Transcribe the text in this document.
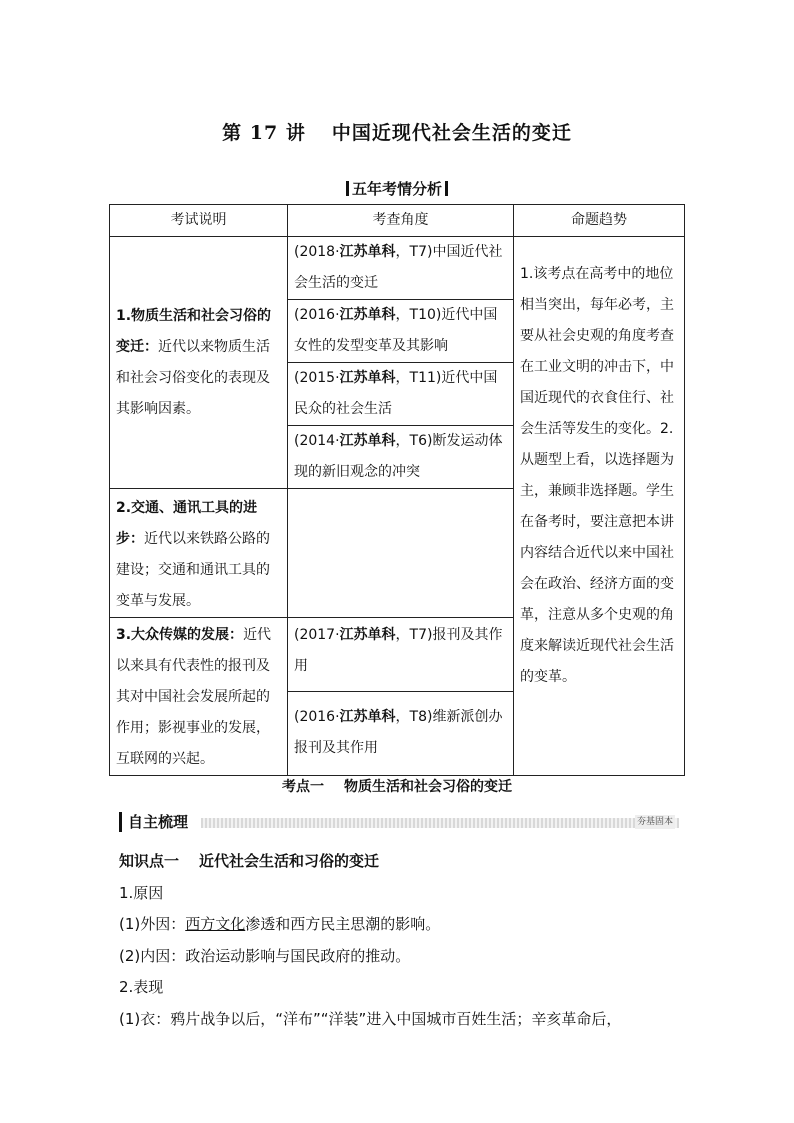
第 17 讲 中国近现代社会生活的变迁
五年考情分析
考试说明	考查角度	命题趋势
1.物质生活和社会习俗的变迁：近代以来物质生活和社会习俗变化的表现及其影响因素。	(2018·江苏单科，T7)中国近代社会生活的变迁	1.该考点在高考中的地位相当突出，每年必考，主要从社会史观的角度考查在工业文明的冲击下，中国近现代的衣食住行、社会生活等发生的变化。2.从题型上看，以选择题为主，兼顾非选择题。学生在备考时，要注意把本讲内容结合近代以来中国社会在政治、经济方面的变革，注意从多个史观的角度来解读近现代社会生活的变革。
	(2016·江苏单科，T10)近代中国女性的发型变革及其影响	
	(2015·江苏单科，T11)近代中国民众的社会生活	
	(2014·江苏单科，T6)断发运动体现的新旧观念的冲突	
2.交通、通讯工具的进步：近代以来铁路公路的建设；交通和通讯工具的变革与发展。		
3.大众传媒的发展：近代以来具有代表性的报刊及其对中国社会发展所起的作用；影视事业的发展，互联网的兴起。	(2017·江苏单科，T7)报刊及其作用	
	(2016·江苏单科，T8)维新派创办报刊及其作用	
考点一 物质生活和社会习俗的变迁
自主梳理	夯基固本

知识点一 近代社会生活和习俗的变迁

1.原因

(1)外因：西方文化渗透和西方民主思潮的影响。

(2)内因：政治运动影响与国民政府的推动。

2.表现

(1)衣：鸦片战争以后，“洋布”“洋装”进入中国城市百姓生活；辛亥革命后，
